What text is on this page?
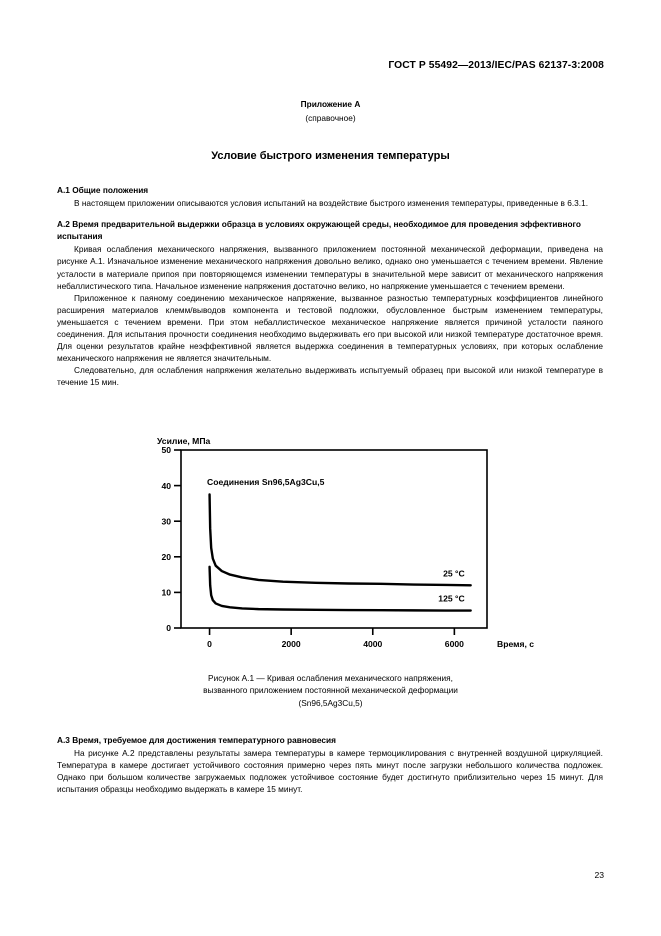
ГОСТ Р 55492—2013/IEC/PAS 62137-3:2008
Приложение А
(справочное)
Условие быстрого изменения температуры
А.1 Общие положения

В настоящем приложении описываются условия испытаний на воздействие быстрого изменения температуры, приведенные в 6.3.1.

А.2 Время предварительной выдержки образца в условиях окружающей среды, необходимое для проведения эффективного испытания

Кривая ослабления механического напряжения, вызванного приложением постоянной механической деформации, приведена на рисунке А.1. Изначальное изменение механического напряжения довольно велико, однако оно уменьшается с течением времени. Явление усталости в материале припоя при повторяющемся изменении температуры в значительной мере зависит от механического напряжения небаллистического типа. Начальное изменение напряжения достаточно велико, но напряжение уменьшается с течением времени.

Приложенное к паяному соединению механическое напряжение, вызванное разностью температурных коэффициентов линейного расширения материалов клемм/выводов компонента и тестовой подложки, обусловленное быстрым изменением температуры, уменьшается с течением времени. При этом небаллистическое механическое напряжение является причиной усталости паяного соединения. Для испытания прочности соединения необходимо выдерживать его при высокой или низкой температуре достаточное время. Для оценки результатов крайне неэффективной является выдержка соединения в температурных условиях, при которых ослабление механического напряжения не является значительным.

Следовательно, для ослабления напряжения желательно выдерживать испытуемый образец при высокой или низкой температуре в течение 15 мин.

Усилие, МПа
0
10
20
30
40
50
0	2000	4000	6000	Время, с
Соединения Sn96,5Ag3Cu,5
25 °C
125 °C
Рисунок А.1 — Кривая ослабления механического напряжения,
вызванного приложением постоянной механической деформации
(Sn96,5Ag3Cu,5)
А.3 Время, требуемое для достижения температурного равновесия

На рисунке А.2 представлены результаты замера температуры в камере термоциклирования с внутренней воздушной циркуляцией. Температура в камере достигает устойчивого состояния примерно через пять минут после загрузки небольшого количества подложек. Однако при большом количестве загружаемых подложек устойчивое состояние будет достигнуто приблизительно через 15 минут. Для испытания образцы необходимо выдержать в камере 15 минут.

23
